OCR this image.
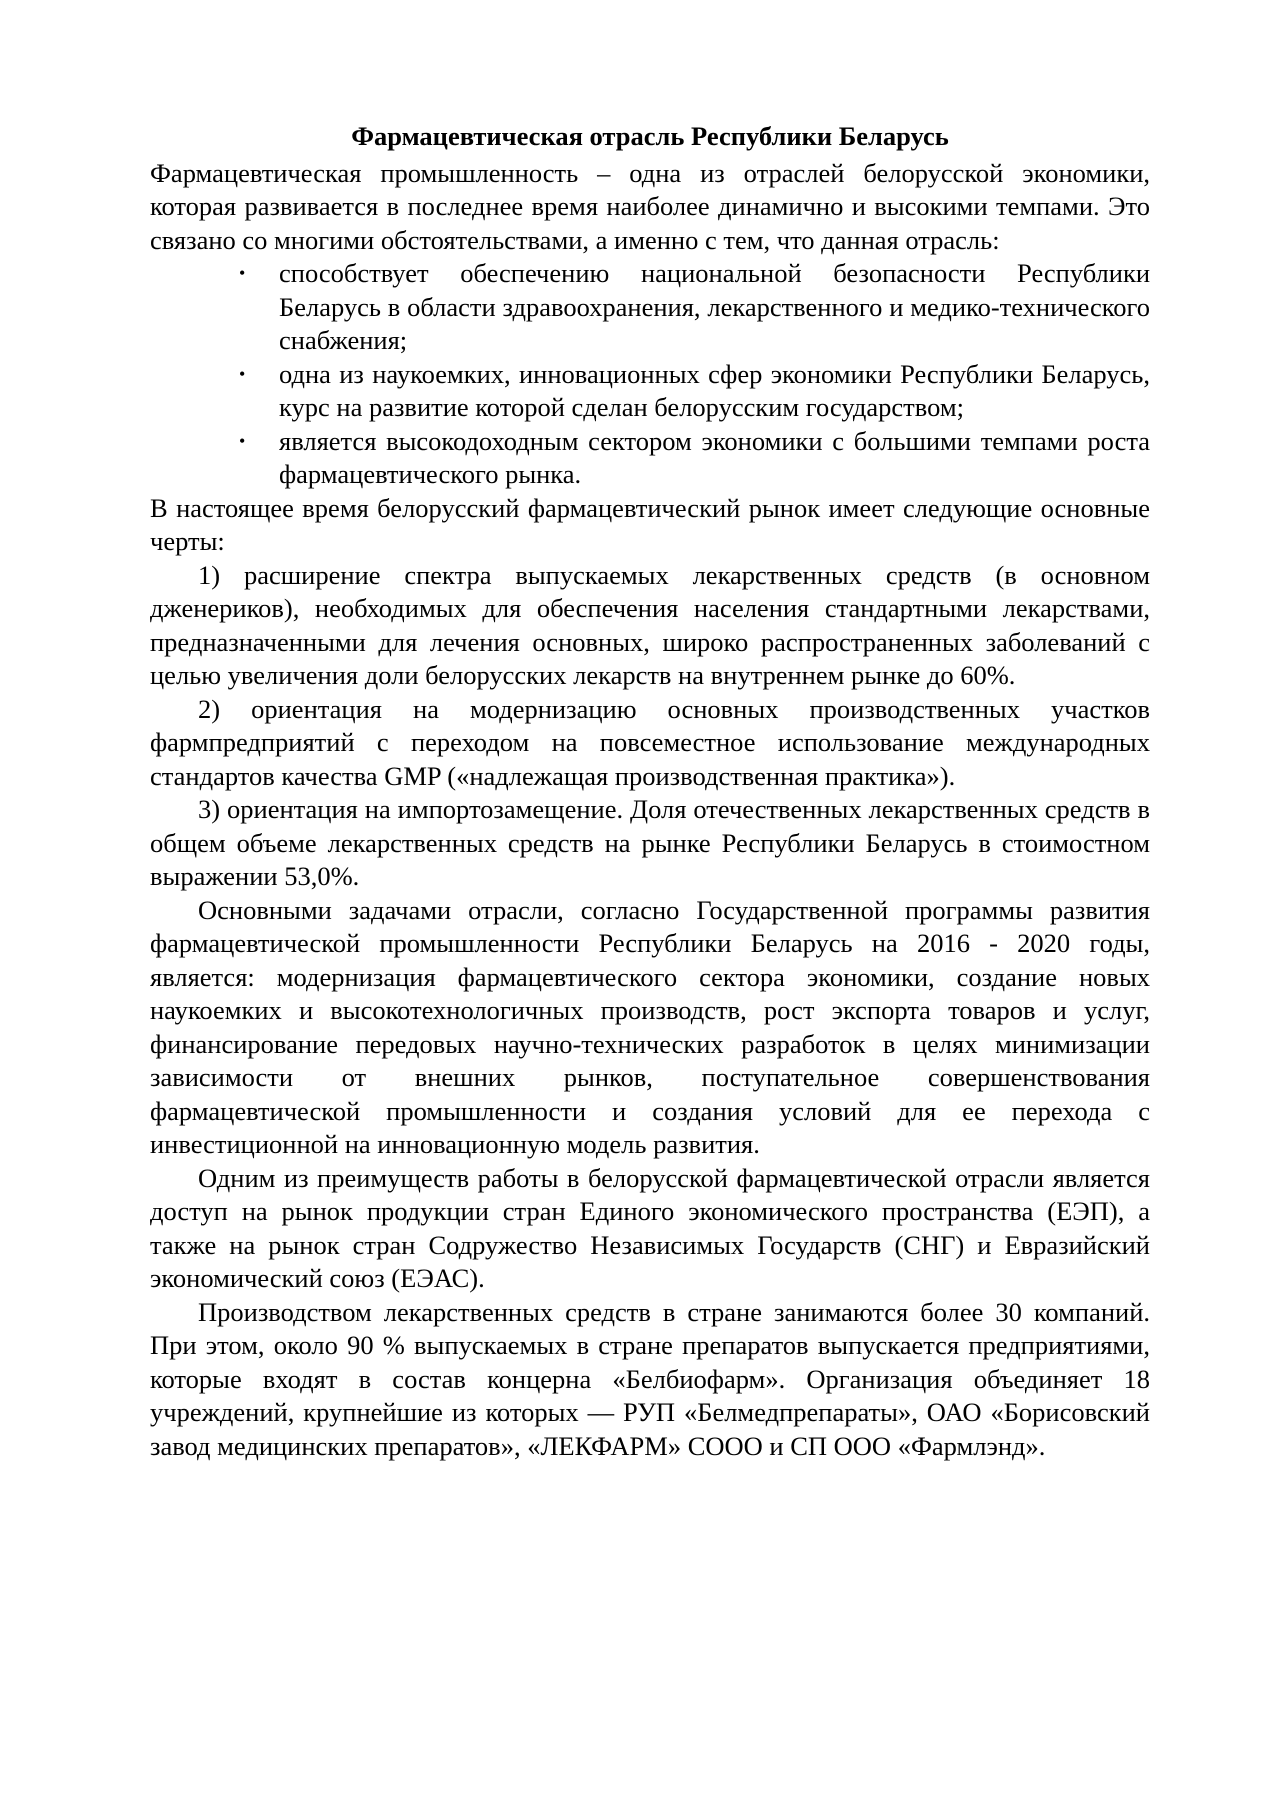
Фармацевтическая отрасль Республики Беларусь

Фармацевтическая промышленность – одна из отраслей белорусской экономики, которая развивается в последнее время наиболее динамично и высокими темпами. Это связано со многими обстоятельствами, а именно с тем, что данная отрасль:

• способствует обеспечению национальной безопасности Республики Беларусь в области здравоохранения, лекарственного и медико-технического снабжения;
• одна из наукоемких, инновационных сфер экономики Республики Беларусь, курс на развитие которой сделан белорусским государством;
• является высокодоходным сектором экономики с большими темпами роста фармацевтического рынка.

В настоящее время белорусский фармацевтический рынок имеет следующие основные черты:

1) расширение спектра выпускаемых лекарственных средств (в основном дженериков), необходимых для обеспечения населения стандартными лекарствами, предназначенными для лечения основных, широко распространенных заболеваний с целью увеличения доли белорусских лекарств на внутреннем рынке до 60%.

2) ориентация на модернизацию основных производственных участков фармпредприятий с переходом на повсеместное использование международных стандартов качества GMP («надлежащая производственная практика»).

3) ориентация на импортозамещение. Доля отечественных лекарственных средств в общем объеме лекарственных средств на рынке Республики Беларусь в стоимостном выражении 53,0%.

Основными задачами отрасли, согласно Государственной программы развития фармацевтической промышленности Республики Беларусь на 2016 - 2020 годы, является: модернизация фармацевтического сектора экономики, создание новых наукоемких и высокотехнологичных производств, рост экспорта товаров и услуг, финансирование передовых научно-технических разработок в целях минимизации зависимости от внешних рынков, поступательное совершенствования фармацевтической промышленности и создания условий для ее перехода с инвестиционной на инновационную модель развития.

Одним из преимуществ работы в белорусской фармацевтической отрасли является доступ на рынок продукции стран Единого экономического пространства (ЕЭП), а также на рынок стран Содружество Независимых Государств (СНГ) и Евразийский экономический союз (ЕЭАС).

Производством лекарственных средств в стране занимаются более 30 компаний. При этом, около 90 % выпускаемых в стране препаратов выпускается предприятиями, которые входят в состав концерна «Белбиофарм». Организация объединяет 18 учреждений, крупнейшие из которых — РУП «Белмедпрепараты», ОАО «Борисовский завод медицинских препаратов», «ЛЕКФАРМ» СООО и СП ООО «Фармлэнд».
